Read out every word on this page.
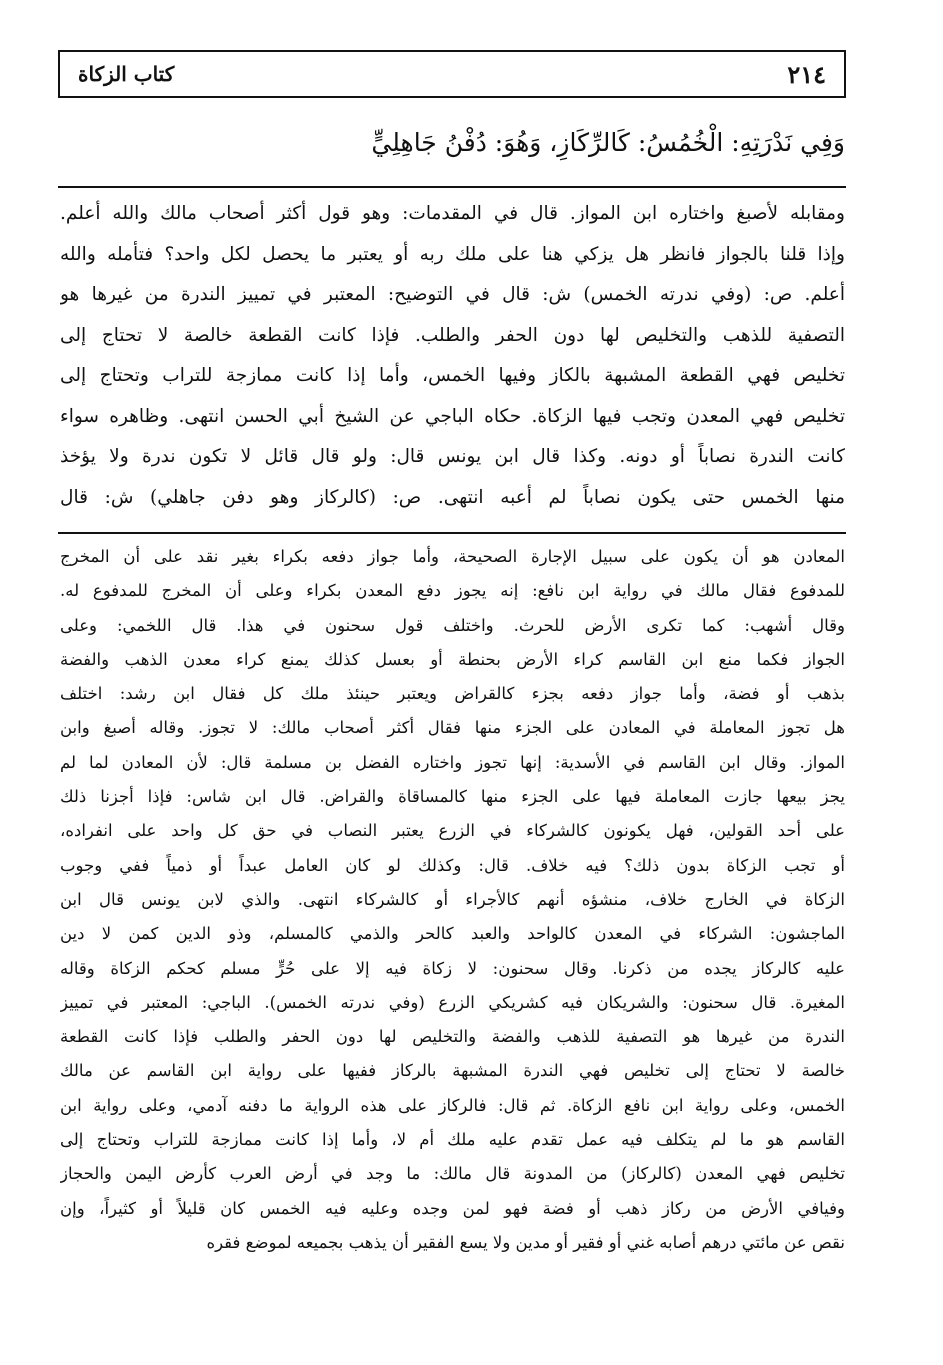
٢١٤
كتاب الزكاة
وَفِي نَدْرَتِهِ: الْخُمُسُ: كَالرِّكَازِ، وَهُوَ: دُفْنُ جَاهِلِيٍّ
ومقابله لأصبغ واختاره ابن المواز. قال في المقدمات: وهو قول أكثر أصحاب مالك والله أعلم.
وإذا قلنا بالجواز فانظر هل يزكي هنا على ملك ربه أو يعتبر ما يحصل لكل واحد؟ فتأمله والله
أعلم. ص: (وفي ندرته الخمس) ش: قال في التوضيح: المعتبر في تمييز الندرة من غيرها هو
التصفية للذهب والتخليص لها دون الحفر والطلب. فإذا كانت القطعة خالصة لا تحتاج إلى
تخليص فهي القطعة المشبهة بالكاز وفيها الخمس، وأما إذا كانت ممازجة للتراب وتحتاج إلى
تخليص فهي المعدن وتجب فيها الزكاة. حكاه الباجي عن الشيخ أبي الحسن انتهى. وظاهره سواء
كانت الندرة نصاباً أو دونه. وكذا قال ابن يونس قال: ولو قال قائل لا تكون ندرة ولا يؤخذ
منها الخمس حتى يكون نصاباً لم أعبه انتهى. ص: (كالركاز وهو دفن جاهلي) ش: قال
المعادن هو أن يكون على سبيل الإجارة الصحيحة، وأما جواز دفعه بكراء بغير نقد على أن المخرج
للمدفوع فقال مالك في رواية ابن نافع: إنه يجوز دفع المعدن بكراء وعلى أن المخرج للمدفوع له.
وقال أشهب: كما تكرى الأرض للحرث. واختلف قول سحنون في هذا. قال اللخمي: وعلى
الجواز فكما منع ابن القاسم كراء الأرض بحنطة أو بعسل كذلك يمنع كراء معدن الذهب والفضة
بذهب أو فضة، وأما جواز دفعه بجزء كالقراض ويعتبر حينئذ ملك كل فقال ابن رشد: اختلف
هل تجوز المعاملة في المعادن على الجزء منها فقال أكثر أصحاب مالك: لا تجوز. وقاله أصبغ وابن
المواز. وقال ابن القاسم في الأسدية: إنها تجوز واختاره الفضل بن مسلمة قال: لأن المعادن لما لم
يجز بيعها جازت المعاملة فيها على الجزء منها كالمساقاة والقراض. قال ابن شاس: فإذا أجزنا ذلك
على أحد القولين، فهل يكونون كالشركاء في الزرع يعتبر النصاب في حق كل واحد على انفراده،
أو تجب الزكاة بدون ذلك؟ فيه خلاف. قال: وكذلك لو كان العامل عبداً أو ذمياً ففي وجوب
الزكاة في الخارج خلاف، منشؤه أنهم كالأجراء أو كالشركاء انتهى. والذي لابن يونس قال ابن
الماجشون: الشركاء في المعدن كالواحد والعبد كالحر والذمي كالمسلم، وذو الدين كمن لا دين
عليه كالركاز يجده من ذكرنا. وقال سحنون: لا زكاة فيه إلا على حُرٍّ مسلم كحكم الزكاة وقاله
المغيرة. قال سحنون: والشريكان فيه كشريكي الزرع (وفي ندرته الخمس). الباجي: المعتبر في تمييز
الندرة من غيرها هو التصفية للذهب والفضة والتخليص لها دون الحفر والطلب فإذا كانت القطعة
خالصة لا تحتاج إلى تخليص فهي الندرة المشبهة بالركاز ففيها على رواية ابن القاسم عن مالك
الخمس، وعلى رواية ابن نافع الزكاة. ثم قال: فالركاز على هذه الرواية ما دفنه آدمي، وعلى رواية ابن
القاسم هو ما لم يتكلف فيه عمل تقدم عليه ملك أم لا، وأما إذا كانت ممازجة للتراب وتحتاج إلى
تخليص فهي المعدن (كالركاز) من المدونة قال مالك: ما وجد في أرض العرب كأرض اليمن والحجاز
وفيافي الأرض من ركاز ذهب أو فضة فهو لمن وجده وعليه فيه الخمس كان قليلاً أو كثيراً، وإن
نقص عن مائتي درهم أصابه غني أو فقير أو مدين ولا يسع الفقير أن يذهب بجميعه لموضع فقره
